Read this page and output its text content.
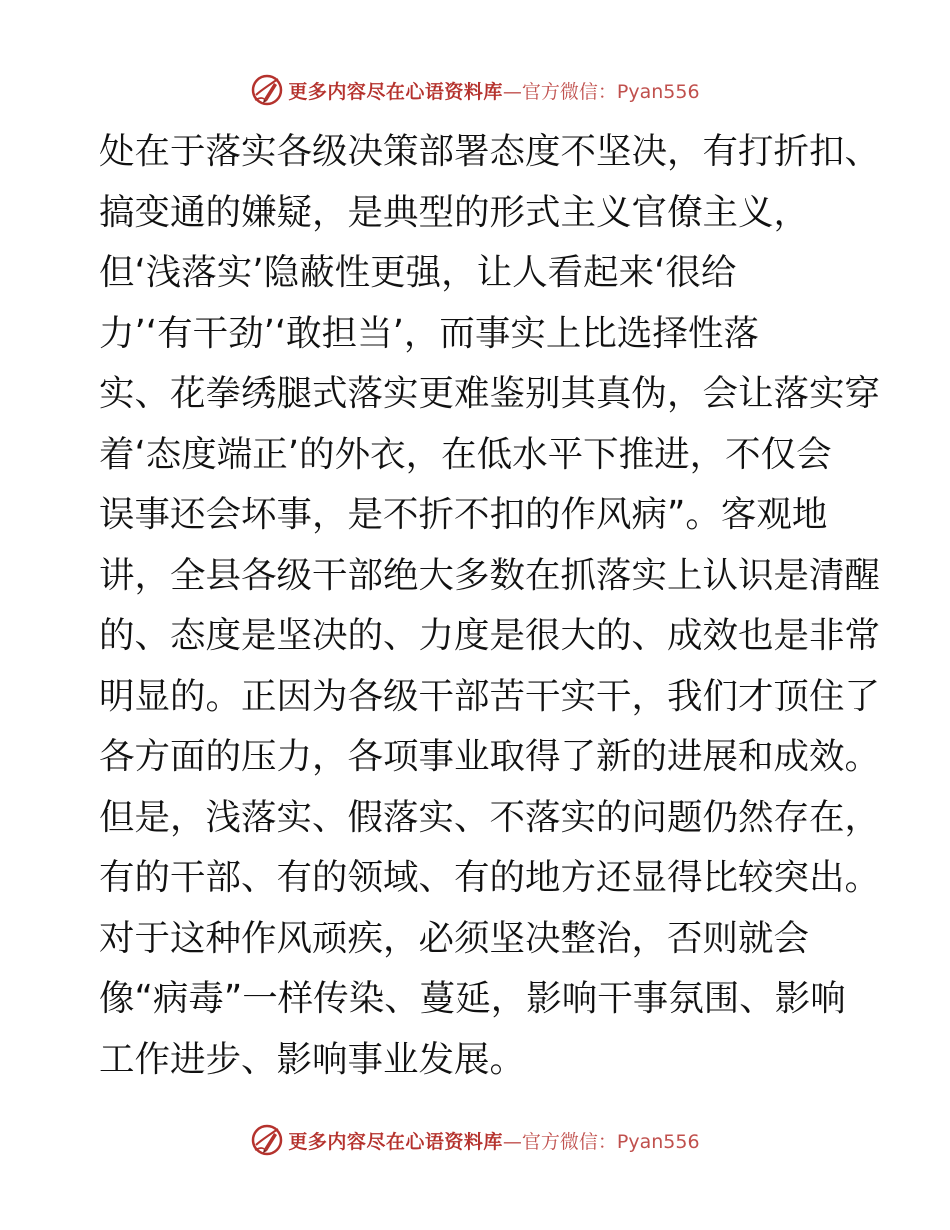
更多内容尽在心语资料库 —官方微信：Pyan556
处在于落实各级决策部署态度不坚决，有打折扣、
搞变通的嫌疑，是典型的形式主义官僚主义，
但‘浅落实’隐蔽性更强，让人看起来‘很给
力’‘有干劲’‘敢担当’，而事实上比选择性落
实、花拳绣腿式落实更难鉴别其真伪，会让落实穿
着‘态度端正’的外衣，在低水平下推进，不仅会
误事还会坏事，是不折不扣的作风病”。客观地
讲，全县各级干部绝大多数在抓落实上认识是清醒
的、态度是坚决的、力度是很大的、成效也是非常
明显的。正因为各级干部苦干实干，我们才顶住了
各方面的压力，各项事业取得了新的进展和成效。
但是，浅落实、假落实、不落实的问题仍然存在，
有的干部、有的领域、有的地方还显得比较突出。
对于这种作风顽疾，必须坚决整治，否则就会
像“病毒”一样传染、蔓延，影响干事氛围、影响
工作进步、影响事业发展。
更多内容尽在心语资料库 —官方微信：Pyan556
